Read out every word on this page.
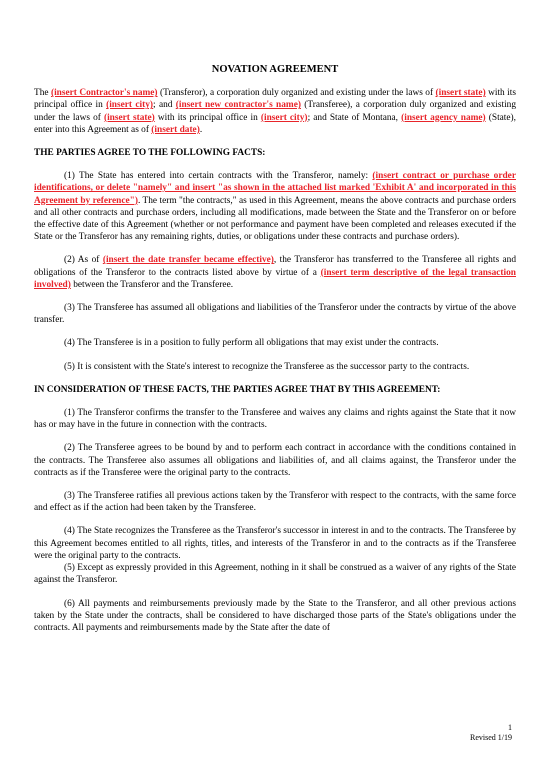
NOVATION AGREEMENT

The (insert Contractor's name) (Transferor), a corporation duly organized and existing under the laws of (insert state) with its principal office in (insert city); and (insert new contractor's name) (Transferee), a corporation duly organized and existing under the laws of (insert state) with its principal office in (insert city); and State of Montana, (insert agency name) (State), enter into this Agreement as of (insert date).

THE PARTIES AGREE TO THE FOLLOWING FACTS:

(1) The State has entered into certain contracts with the Transferor, namely: (insert contract or purchase order identifications, or delete "namely" and insert "as shown in the attached list marked 'Exhibit A' and incorporated in this Agreement by reference"). The term "the contracts," as used in this Agreement, means the above contracts and purchase orders and all other contracts and purchase orders, including all modifications, made between the State and the Transferor on or before the effective date of this Agreement (whether or not performance and payment have been completed and releases executed if the State or the Transferor has any remaining rights, duties, or obligations under these contracts and purchase orders).

(2) As of (insert the date transfer became effective), the Transferor has transferred to the Transferee all rights and obligations of the Transferor to the contracts listed above by virtue of a (insert term descriptive of the legal transaction involved) between the Transferor and the Transferee.

(3) The Transferee has assumed all obligations and liabilities of the Transferor under the contracts by virtue of the above transfer.

(4) The Transferee is in a position to fully perform all obligations that may exist under the contracts.

(5) It is consistent with the State's interest to recognize the Transferee as the successor party to the contracts.

IN CONSIDERATION OF THESE FACTS, THE PARTIES AGREE THAT BY THIS AGREEMENT:

(1) The Transferor confirms the transfer to the Transferee and waives any claims and rights against the State that it now has or may have in the future in connection with the contracts.

(2) The Transferee agrees to be bound by and to perform each contract in accordance with the conditions contained in the contracts. The Transferee also assumes all obligations and liabilities of, and all claims against, the Transferor under the contracts as if the Transferee were the original party to the contracts.

(3) The Transferee ratifies all previous actions taken by the Transferor with respect to the contracts, with the same force and effect as if the action had been taken by the Transferee.

(4) The State recognizes the Transferee as the Transferor's successor in interest in and to the contracts. The Transferee by this Agreement becomes entitled to all rights, titles, and interests of the Transferor in and to the contracts as if the Transferee were the original party to the contracts.

(5) Except as expressly provided in this Agreement, nothing in it shall be construed as a waiver of any rights of the State against the Transferor.

(6) All payments and reimbursements previously made by the State to the Transferor, and all other previous actions taken by the State under the contracts, shall be considered to have discharged those parts of the State's obligations under the contracts. All payments and reimbursements made by the State after the date of

1
Revised 1/19
